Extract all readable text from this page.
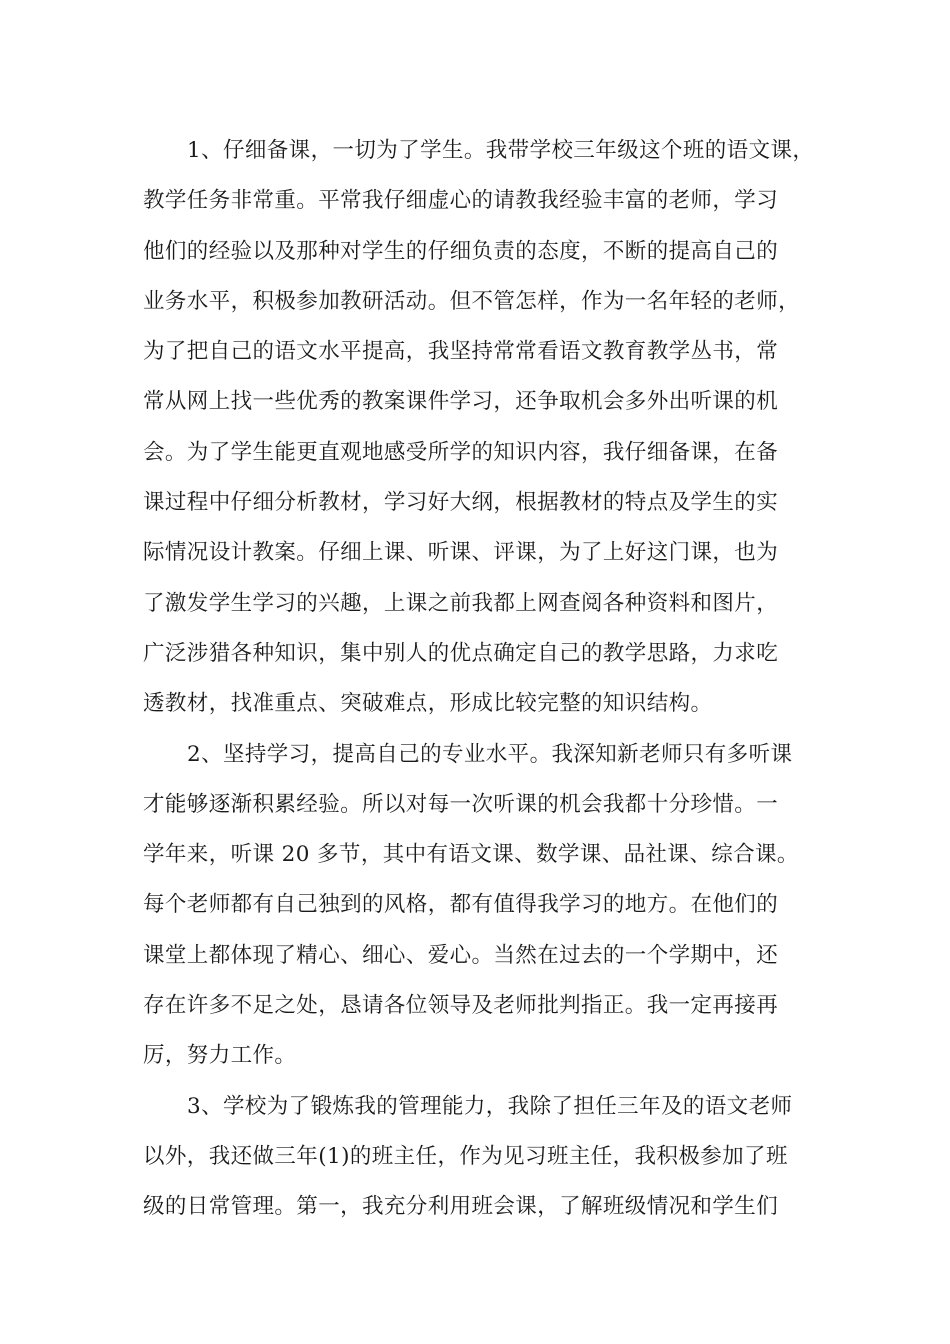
1、仔细备课，一切为了学生。我带学校三年级这个班的语文课，
教学任务非常重。平常我仔细虚心的请教我经验丰富的老师，学习
他们的经验以及那种对学生的仔细负责的态度，不断的提高自己的
业务水平，积极参加教研活动。但不管怎样，作为一名年轻的老师，
为了把自己的语文水平提高，我坚持常常看语文教育教学丛书，常
常从网上找一些优秀的教案课件学习，还争取机会多外出听课的机
会。为了学生能更直观地感受所学的知识内容，我仔细备课，在备
课过程中仔细分析教材，学习好大纲，根据教材的特点及学生的实
际情况设计教案。仔细上课、听课、评课，为了上好这门课，也为
了激发学生学习的兴趣，上课之前我都上网查阅各种资料和图片，
广泛涉猎各种知识，集中别人的优点确定自己的教学思路，力求吃
透教材，找准重点、突破难点，形成比较完整的知识结构。
2、坚持学习，提高自己的专业水平。我深知新老师只有多听课
才能够逐渐积累经验。所以对每一次听课的机会我都十分珍惜。一
学年来，听课 20 多节，其中有语文课、数学课、品社课、综合课。
每个老师都有自己独到的风格，都有值得我学习的地方。在他们的
课堂上都体现了精心、细心、爱心。当然在过去的一个学期中，还
存在许多不足之处，恳请各位领导及老师批判指正。我一定再接再
厉，努力工作。
3、学校为了锻炼我的管理能力，我除了担任三年及的语文老师
以外，我还做三年(1)的班主任，作为见习班主任，我积极参加了班
级的日常管理。第一，我充分利用班会课，了解班级情况和学生们
